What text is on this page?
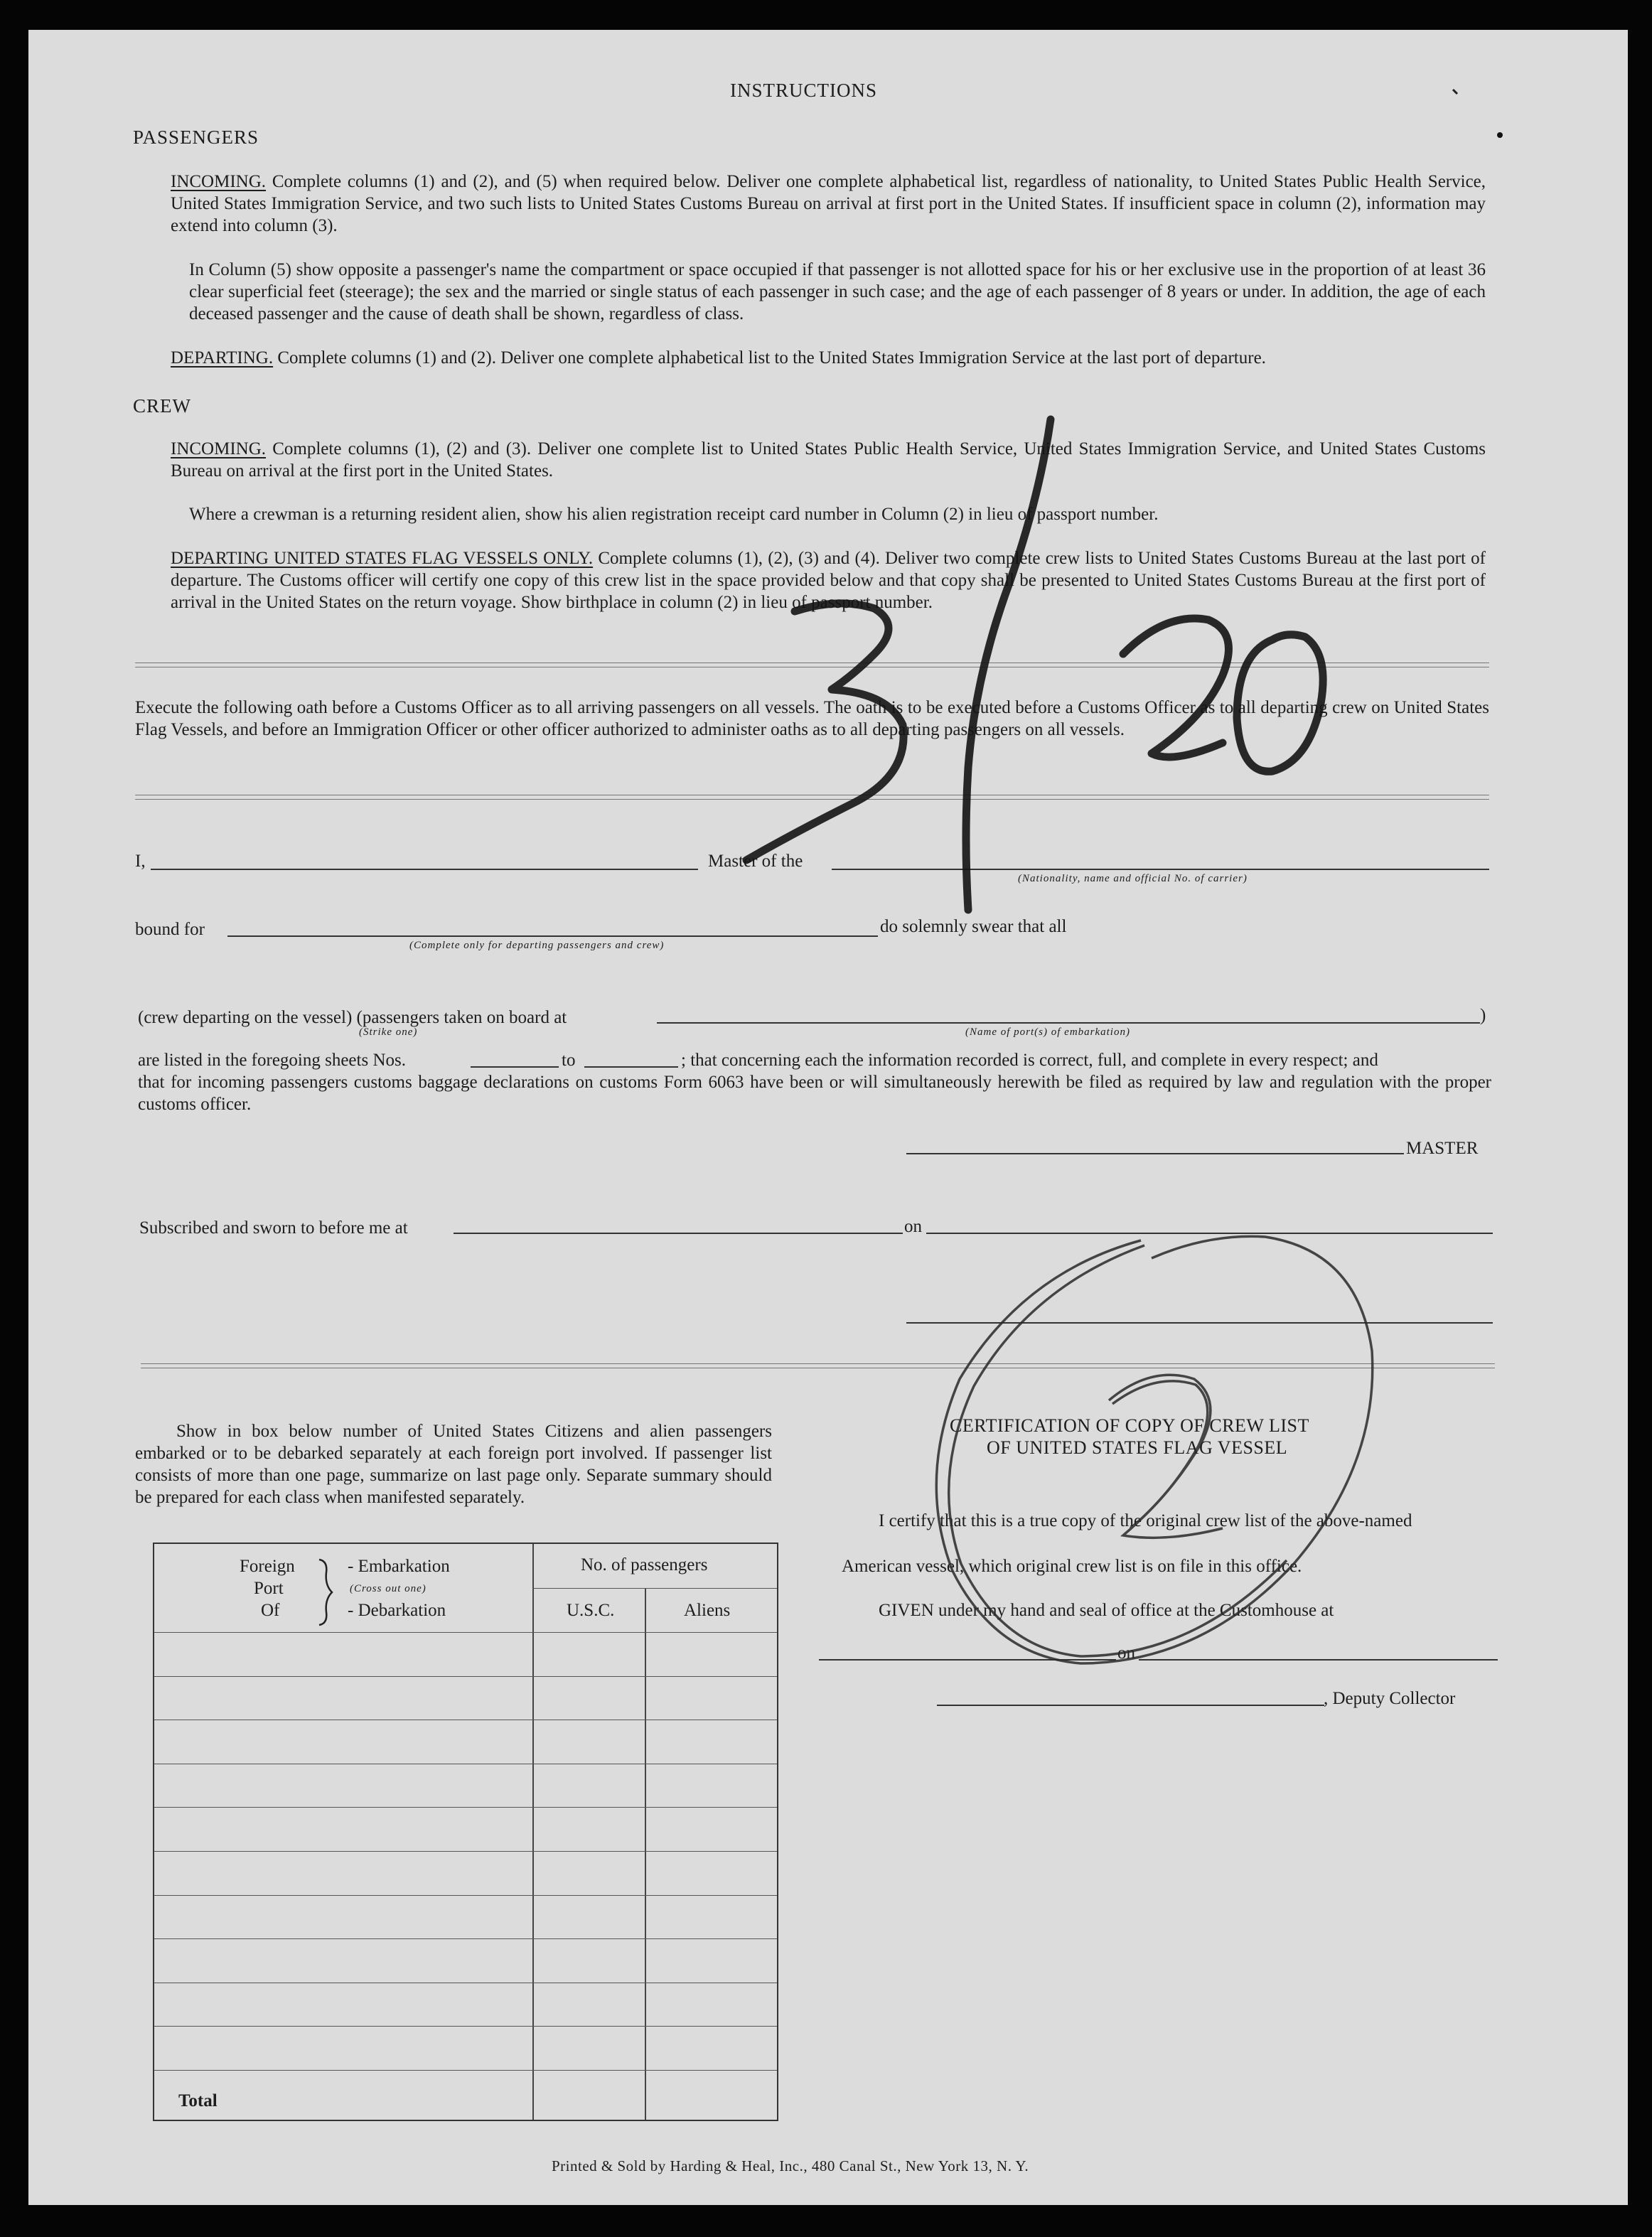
INSTRUCTIONS
PASSENGERS
INCOMING. Complete columns (1) and (2), and (5) when required below. Deliver one complete alphabetical list, regardless of nationality, to United States Public Health Service, United States Immigration Service, and two such lists to United States Customs Bureau on arrival at first port in the United States. If insufficient space in column (2), information may extend into column (3).
In Column (5) show opposite a passenger's name the compartment or space occupied if that passenger is not allotted space for his or her exclusive use in the proportion of at least 36 clear superficial feet (steerage); the sex and the married or single status of each passenger in such case; and the age of each passenger of 8 years or under. In addition, the age of each deceased passenger and the cause of death shall be shown, regardless of class.
DEPARTING. Complete columns (1) and (2). Deliver one complete alphabetical list to the United States Immigration Service at the last port of departure.
CREW
INCOMING. Complete columns (1), (2) and (3). Deliver one complete list to United States Public Health Service, United States Immigration Service, and United States Customs Bureau on arrival at the first port in the United States.
Where a crewman is a returning resident alien, show his alien registration receipt card number in Column (2) in lieu of passport number.
DEPARTING UNITED STATES FLAG VESSELS ONLY. Complete columns (1), (2), (3) and (4). Deliver two complete crew lists to United States Customs Bureau at the last port of departure. The Customs officer will certify one copy of this crew list in the space provided below and that copy shall be presented to United States Customs Bureau at the first port of arrival in the United States on the return voyage. Show birthplace in column (2) in lieu of passport number.
Execute the following oath before a Customs Officer as to all arriving passengers on all vessels. The oath is to be executed before a Customs Officer as to all departing crew on United States Flag Vessels, and before an Immigration Officer or other officer authorized to administer oaths as to all departing passengers on all vessels.
I,	Master of the
(Nationality, name and official No. of carrier)
bound for
(Complete only for departing passengers and crew)
do solemnly swear that all
(crew departing on the vessel) (passengers taken on board at	)
(Strike one)	(Name of port(s) of embarkation)
are listed in the foregoing sheets Nos.	to	; that concerning each the information recorded is correct, full, and complete in every respect; and
that for incoming passengers customs baggage declarations on customs Form 6063 have been or will simultaneously herewith be filed as required by law and regulation with the proper customs officer.
MASTER
Subscribed and sworn to before me at	on
Show in box below number of United States Citizens and alien passengers embarked or to be debarked separately at each foreign port involved. If passenger list consists of more than one page, summarize on last page only. Separate summary should be prepared for each class when manifested separately.
Foreign
Port
Of
- Embarkation
(Cross out one)
- Debarkation
No. of passengers
U.S.C.	Aliens
Total
CERTIFICATION OF COPY OF CREW LIST
OF UNITED STATES FLAG VESSEL
I certify that this is a true copy of the original crew list of the above-named
American vessel, which original crew list is on file in this office.
GIVEN under my hand and seal of office at the Customhouse at
on
, Deputy Collector
Printed & Sold by Harding & Heal, Inc., 480 Canal St., New York 13, N. Y.
